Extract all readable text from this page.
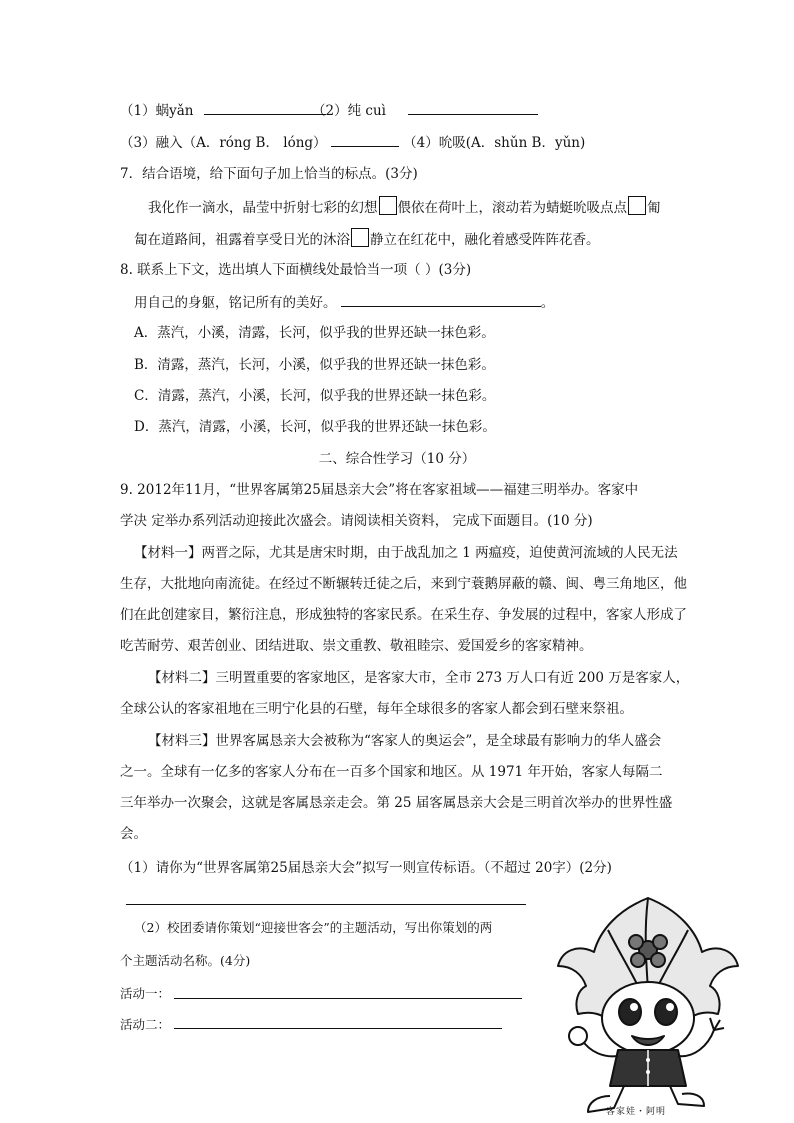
（1）蜗yǎn	（2）纯 cuì
（3）融入（A．róng B． lóng）	（4）吮吸(A．shǔn B．yǔn)
7．结合语境，给下面句子加上恰当的标点。(3分)
我化作一滴水，晶莹中折射七彩的幻想 偎依在荷叶上，滚动若为蜻蜓吮吸点点 匍
匐在道路间，祖露着享受日光的沐浴 静立在红花中，融化着感受阵阵花香。
8. 联系上下文，选出填人下面横线处最恰当一项（ ）(3分)
用自己的身躯，铭记所有的美好。	。
A．蒸汽，小溪，清露，长河，似乎我的世界还缺一抹色彩。
B．清露，蒸汽，长河，小溪，似乎我的世界还缺一抹色彩。
C．清露，蒸汽，小溪，长河，似乎我的世界还缺一抹色彩。
D．蒸汽，清露，小溪，长河，似乎我的世界还缺一抹色彩。
二、综合性学习（10 分）
9. 2012年11月，“世界客属第25届恳亲大会”将在客家祖域——福建三明举办。客家中
学决 定举办系列活动迎接此次盛会。请阅读相关资料， 完成下面题目。(10 分)
【材料一】两晋之际，尤其是唐宋时期，由于战乱加之 1 两瘟疫，迫使黄河流域的人民无法
生存，大批地向南流徒。在经过不断辗转迁徒之后，来到宁蓑鹅屏蔽的赣、闽、粤三角地区，他
们在此创建家目，繁衍注息，形成独特的客家民系。在采生存、争发展的过程中，客家人形成了
吃苦耐劳、艰苦创业、团结进取、崇文重教、敬祖睦宗、爱国爱乡的客家精神。
【材料二】三明置重要的客家地区，是客家大市，全市 273 万人口有近 200 万是客家人，
全球公认的客家祖地在三明宁化县的石壁，每年全球很多的客家人都会到石壁来祭祖。
【材料三】世界客属恳亲大会被称为“客家人的奥运会”，是全球最有影响力的华人盛会
之一。全球有一亿多的客家人分布在一百多个国家和地区。从 1971 年开始，客家人每隔二
三年举办一次聚会，这就是客属恳亲走会。第 25 届客属恳亲大会是三明首次举办的世界性盛
会。
（1）请你为“世界客属第25届恳亲大会”拟写一则宣传标语。（不超过 20字）(2分)
（2）校团委请你策划“迎接世客会”的主题活动，写出你策划的两
个主题活动名称。(4分)
活动一：
活动二：
客家娃・阿明
